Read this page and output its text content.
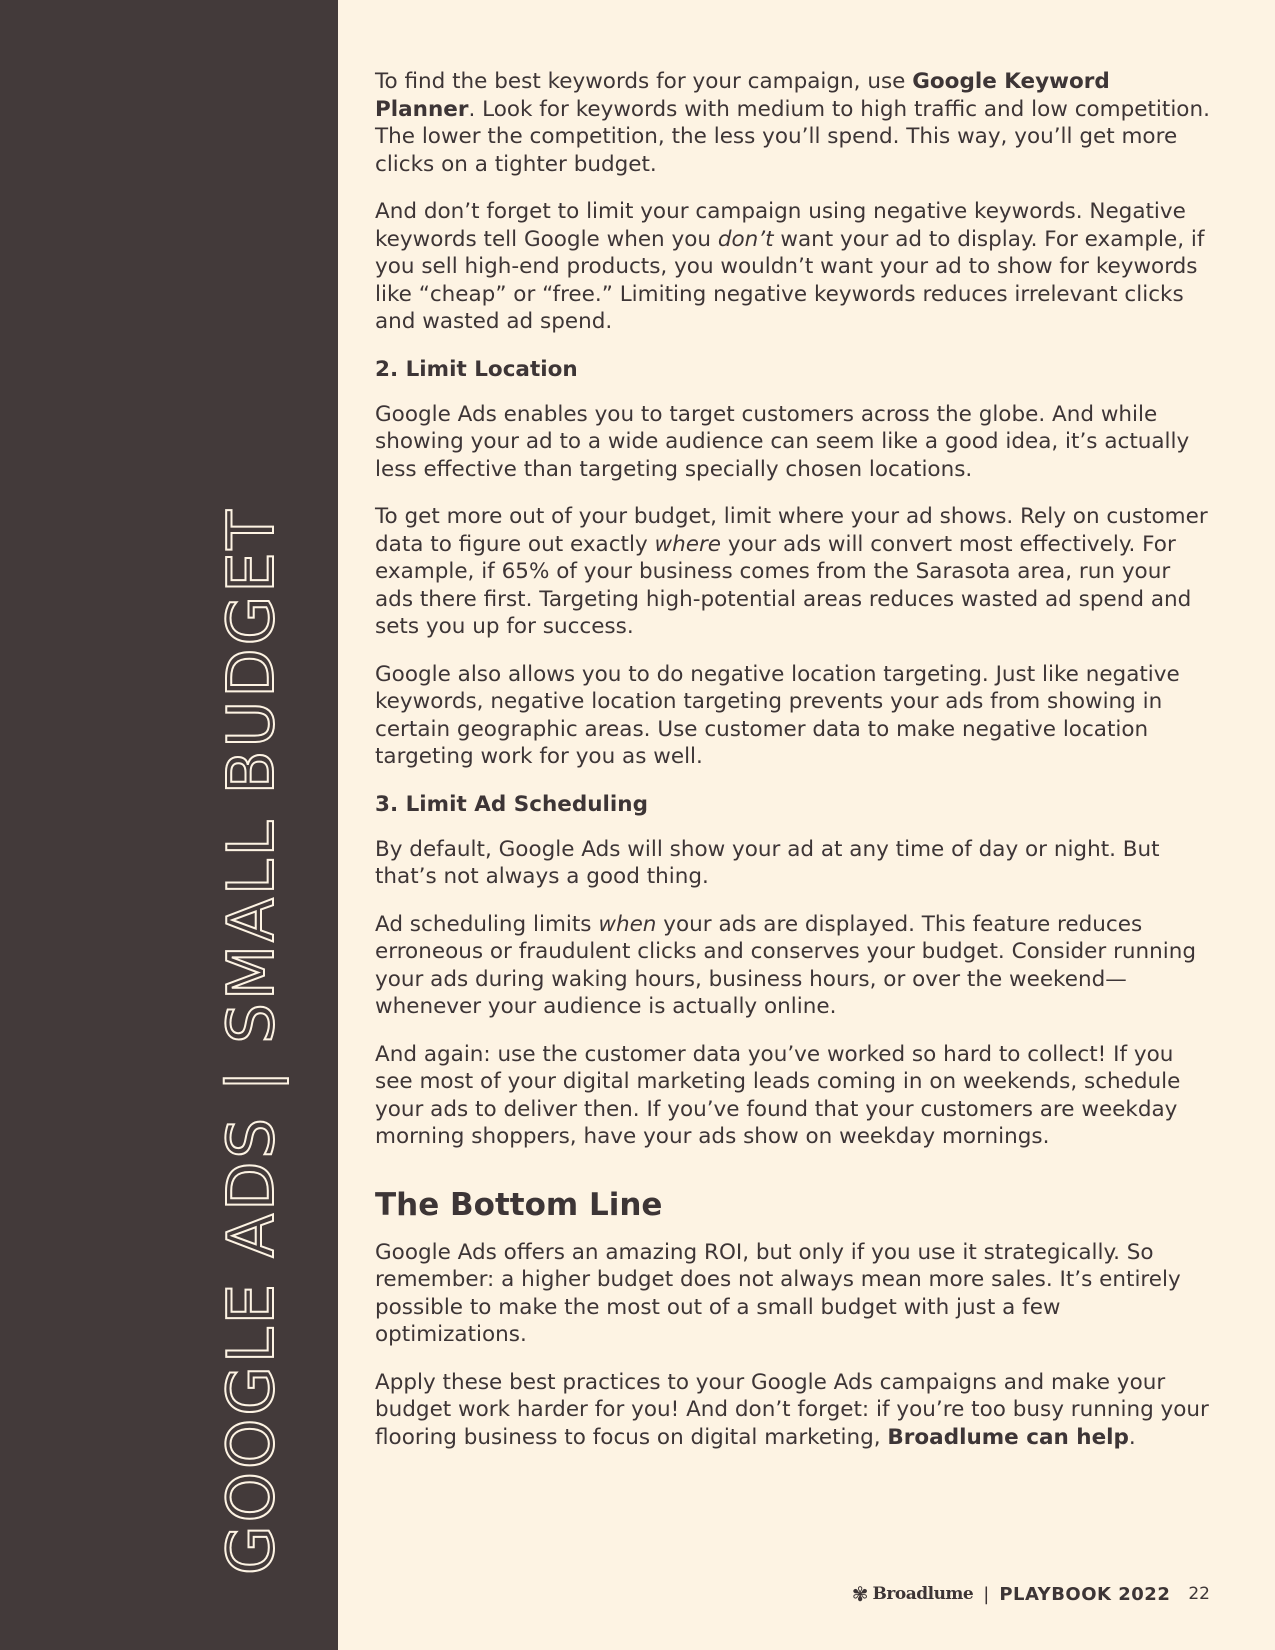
GOOGLE ADS | SMALL BUDGET

To find the best keywords for your campaign, use Google Keyword Planner. Look for keywords with medium to high traffic and low competition. The lower the competition, the less you’ll spend. This way, you’ll get more clicks on a tighter budget.

And don’t forget to limit your campaign using negative keywords. Negative keywords tell Google when you don’t want your ad to display. For example, if you sell high-end products, you wouldn’t want your ad to show for keywords like “cheap” or “free.” Limiting negative keywords reduces irrelevant clicks and wasted ad spend.

2. Limit Location

Google Ads enables you to target customers across the globe. And while showing your ad to a wide audience can seem like a good idea, it’s actually less effective than targeting specially chosen locations.

To get more out of your budget, limit where your ad shows. Rely on customer data to figure out exactly where your ads will convert most effectively. For example, if 65% of your business comes from the Sarasota area, run your ads there first. Targeting high-potential areas reduces wasted ad spend and sets you up for success.

Google also allows you to do negative location targeting. Just like negative keywords, negative location targeting prevents your ads from showing in certain geographic areas. Use customer data to make negative location targeting work for you as well.

3. Limit Ad Scheduling

By default, Google Ads will show your ad at any time of day or night. But that’s not always a good thing.

Ad scheduling limits when your ads are displayed. This feature reduces erroneous or fraudulent clicks and conserves your budget. Consider running your ads during waking hours, business hours, or over the weekend—whenever your audience is actually online.

And again: use the customer data you’ve worked so hard to collect! If you see most of your digital marketing leads coming in on weekends, schedule your ads to deliver then. If you’ve found that your customers are weekday morning shoppers, have your ads show on weekday mornings.

The Bottom Line

Google Ads offers an amazing ROI, but only if you use it strategically. So remember: a higher budget does not always mean more sales. It’s entirely possible to make the most out of a small budget with just a few optimizations.

Apply these best practices to your Google Ads campaigns and make your budget work harder for you! And don’t forget: if you’re too busy running your flooring business to focus on digital marketing, Broadlume can help.

✾ Broadlume | PLAYBOOK 2022 22
